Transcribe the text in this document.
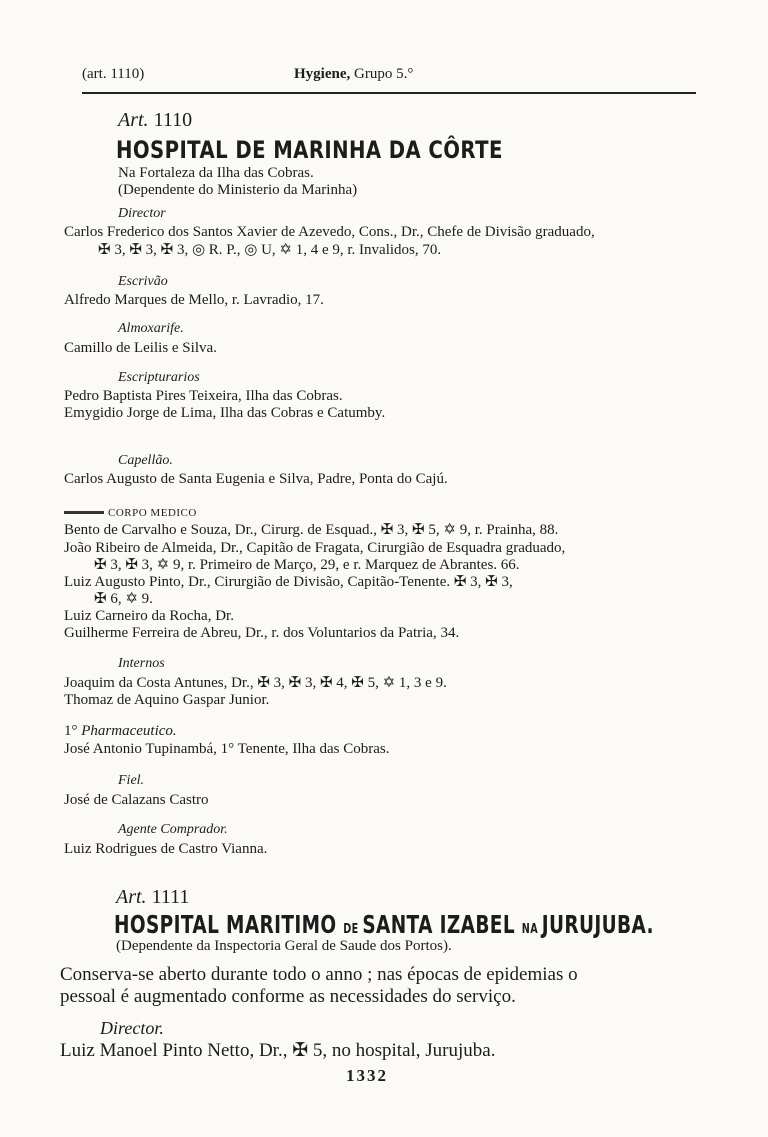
(art. 1110)	Hygiene, Grupo 5.°
Art. 1110
HOSPITAL DE MARINHA DA CÔRTE
Na Fortaleza da Ilha das Cobras.
(Dependente do Ministerio da Marinha)
Director
Carlos Frederico dos Santos Xavier de Azevedo, Cons., Dr., Chefe de Divisão graduado,
✠ 3, ✠ 3, ✠ 3, ◎ R. P., ◎ U, ✡ 1, 4 e 9, r. Invalidos, 70.
Escrivão
Alfredo Marques de Mello, r. Lavradio, 17.
Almoxarife.
Camillo de Leilis e Silva.
Escripturarios
Pedro Baptista Pires Teixeira, Ilha das Cobras.
Emygidio Jorge de Lima, Ilha das Cobras e Catumby.
Capellão.
Carlos Augusto de Santa Eugenia e Silva, Padre, Ponta do Cajú.
CORPO MEDICO
Bento de Carvalho e Souza, Dr., Cirurg. de Esquad., ✠ 3, ✠ 5, ✡ 9, r. Prainha, 88.
João Ribeiro de Almeida, Dr., Capitão de Fragata, Cirurgião de Esquadra graduado,
✠ 3, ✠ 3, ✡ 9, r. Primeiro de Março, 29, e r. Marquez de Abrantes. 66.
Luiz Augusto Pinto, Dr., Cirurgião de Divisão, Capitão-Tenente. ✠ 3, ✠ 3,
✠ 6, ✡ 9.
Luiz Carneiro da Rocha, Dr.
Guilherme Ferreira de Abreu, Dr., r. dos Voluntarios da Patria, 34.
Internos
Joaquim da Costa Antunes, Dr., ✠ 3, ✠ 3, ✠ 4, ✠ 5, ✡ 1, 3 e 9.
Thomaz de Aquino Gaspar Junior.
1° Pharmaceutico.
José Antonio Tupinambá, 1° Tenente, Ilha das Cobras.
Fiel.
José de Calazans Castro
Agente Comprador.
Luiz Rodrigues de Castro Vianna.
Art. 1111
HOSPITAL MARITIMO DE SANTA IZABEL NA JURUJUBA.
(Dependente da Inspectoria Geral de Saude dos Portos).
Conserva-se aberto durante todo o anno ; nas épocas de epidemias o
pessoal é augmentado conforme as necessidades do serviço.
Director.
Luiz Manoel Pinto Netto, Dr., ✠ 5, no hospital, Jurujuba.
1332
